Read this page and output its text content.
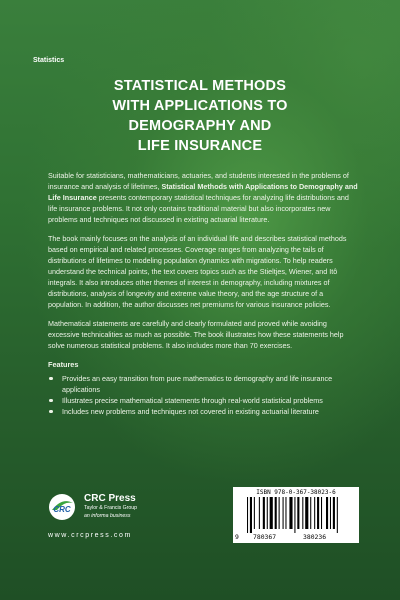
Statistics
STATISTICAL METHODS
WITH APPLICATIONS TO
DEMOGRAPHY AND
LIFE INSURANCE

Suitable for statisticians, mathematicians, actuaries, and students interested in the problems of insurance and analysis of lifetimes, Statistical Methods with Applications to Demography and Life Insurance presents contemporary statistical techniques for analyzing life distributions and life insurance problems. It not only contains traditional material but also incorporates new problems and techniques not discussed in existing actuarial literature.

The book mainly focuses on the analysis of an individual life and describes statistical methods based on empirical and related processes. Coverage ranges from analyzing the tails of distributions of lifetimes to modeling population dynamics with migrations. To help readers understand the technical points, the text covers topics such as the Stieltjes, Wiener, and Itô integrals. It also introduces other themes of interest in demography, including mixtures of distributions, analysis of longevity and extreme value theory, and the age structure of a population. In addition, the author discusses net premiums for various insurance policies.

Mathematical statements are carefully and clearly formulated and proved while avoiding excessive technicalities as much as possible. The book illustrates how these statements help solve numerous statistical problems. It also includes more than 70 exercises.

Features
Provides an easy transition from pure mathematics to demography and life insurance applications
Illustrates precise mathematical statements through real-world statistical problems
Includes new problems and techniques not covered in existing actuarial literature
CRC
CRC Press
Taylor & Francis Group
an informa business
www.crcpress.com
ISBN 978-0-367-38023-6
9 780367	380236
